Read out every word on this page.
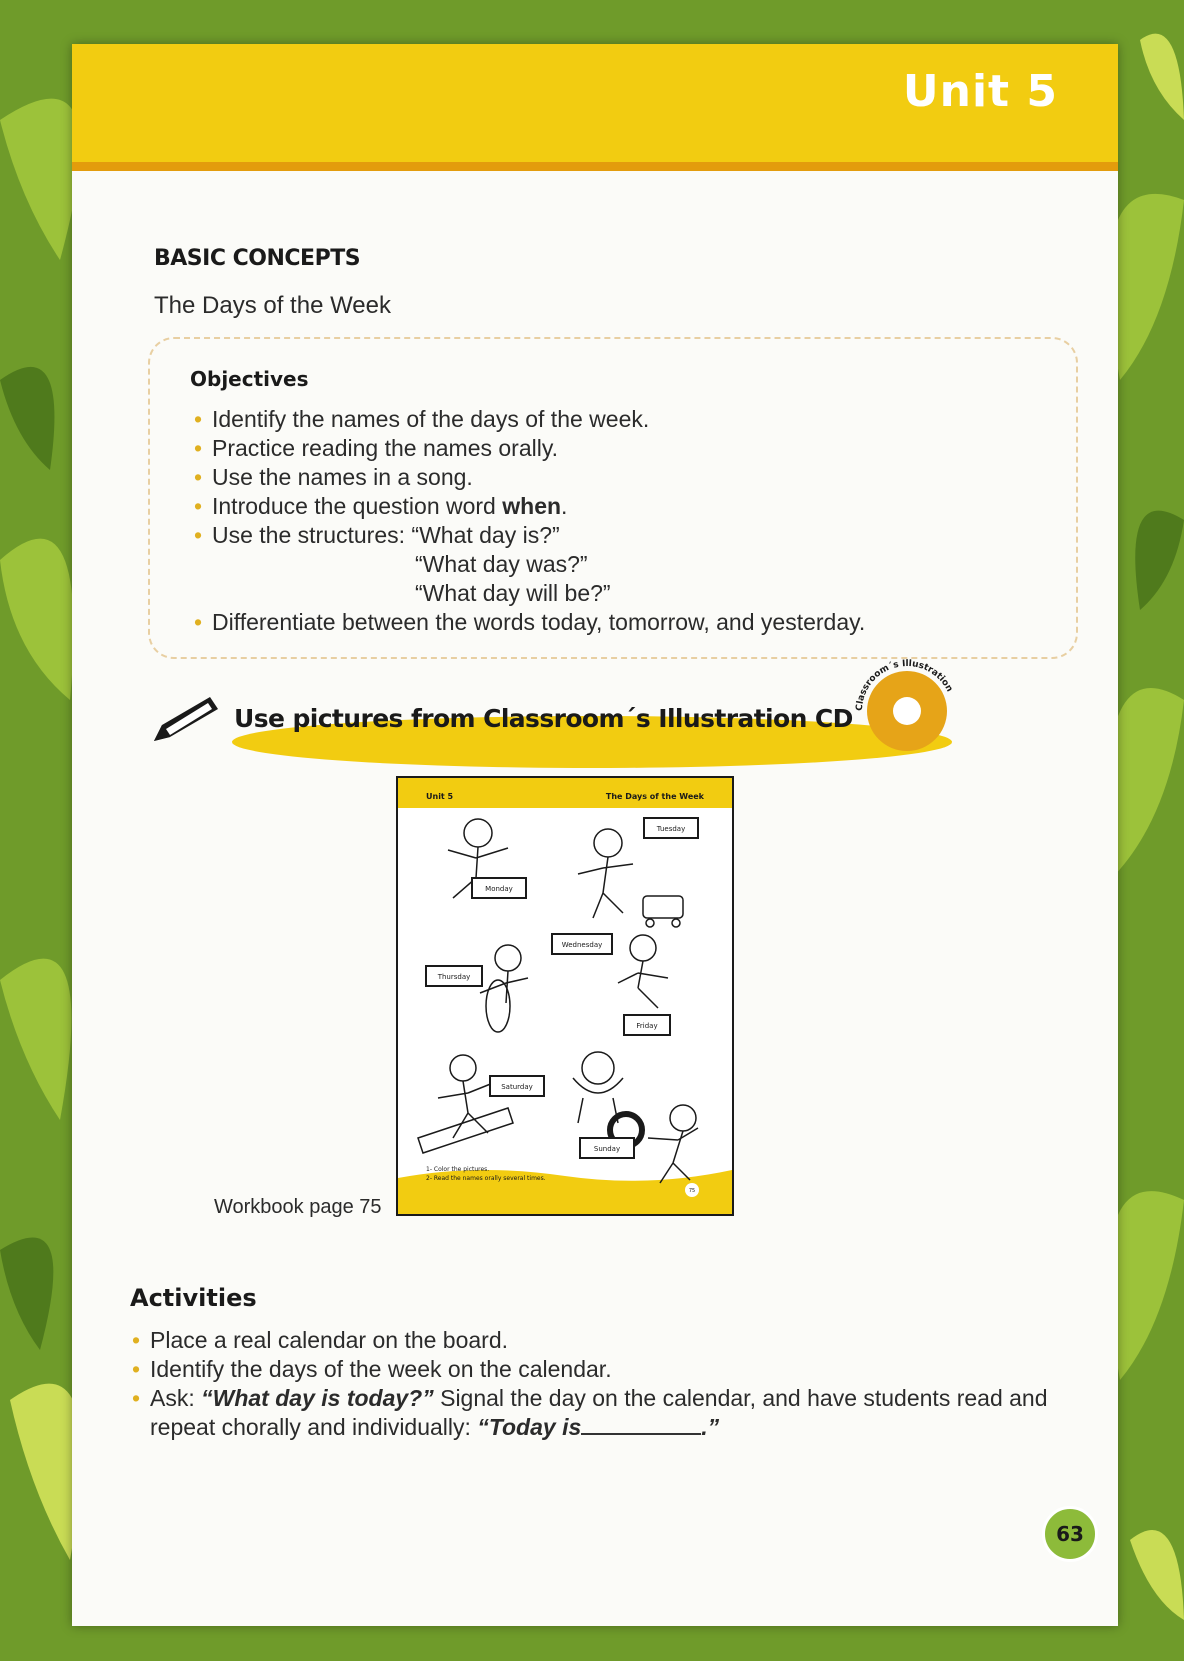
Unit 5
BASIC CONCEPTS
The Days of the Week
Objectives
• Identify the names of the days of the week.
• Practice reading the names orally.
• Use the names in a song.
• Introduce the question word when.
• Use the structures: “What day is?”
“What day was?”
“What day will be?”
• Differentiate between the words today, tomorrow, and yesterday.
Use pictures from Classroom´s Illustration CD Classroom´s Illustration
Workbook page 75
Unit 5	The Days of the Week
Tuesday
Monday
Wednesday
Thursday
Friday
Saturday
Sunday
1- Color the pictures.
2- Read the names orally several times.
75
Activities
• Place a real calendar on the board.
• Identify the days of the week on the calendar.
• Ask: “What day is today?” Signal the day on the calendar, and have students read and repeat chorally and individually: “Today is	.”
63
